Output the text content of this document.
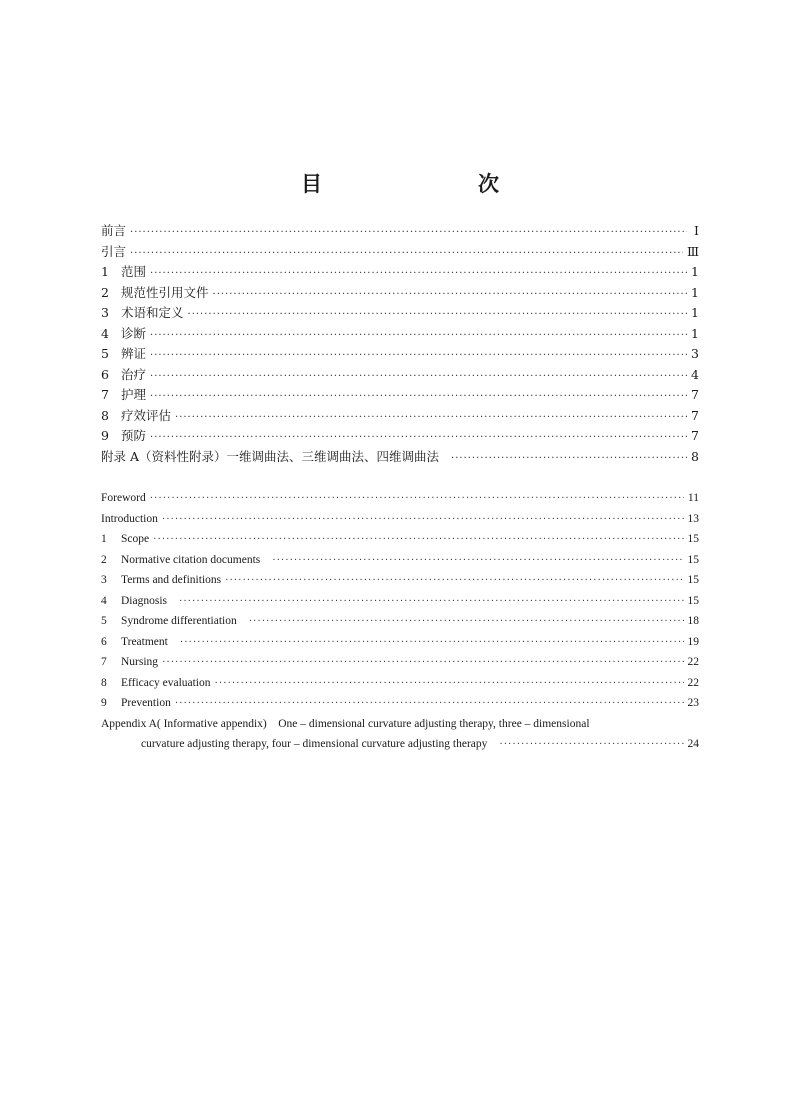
目　　次
前言 ·····	Ⅰ
引言 ·····	Ⅲ
1 范围 ·····	1
2 规范性引用文件 ·····	1
3 术语和定义 ·····	1
4 诊断 ·····	1
5 辨证 ·····	3
6 治疗 ·····	4
7 护理 ·····	7
8 疗效评估 ·····	7
9 预防 ·····	7
附录 A（资料性附录）一维调曲法、三维调曲法、四维调曲法 ·····	8
Foreword ·····	11
Introduction ·····	13
1	Scope ·····	15
2	Normative citation documents ·····	15
3	Terms and definitions ·····	15
4	Diagnosis ·····	15
5	Syndrome differentiation ·····	18
6	Treatment ·····	19
7	Nursing ·····	22
8	Efficacy evaluation ·····	22
9	Prevention ·····	23
Appendix A( Informative appendix)　One – dimensional curvature adjusting therapy, three – dimensional
curvature adjusting therapy, four – dimensional curvature adjusting therapy ·····	24
